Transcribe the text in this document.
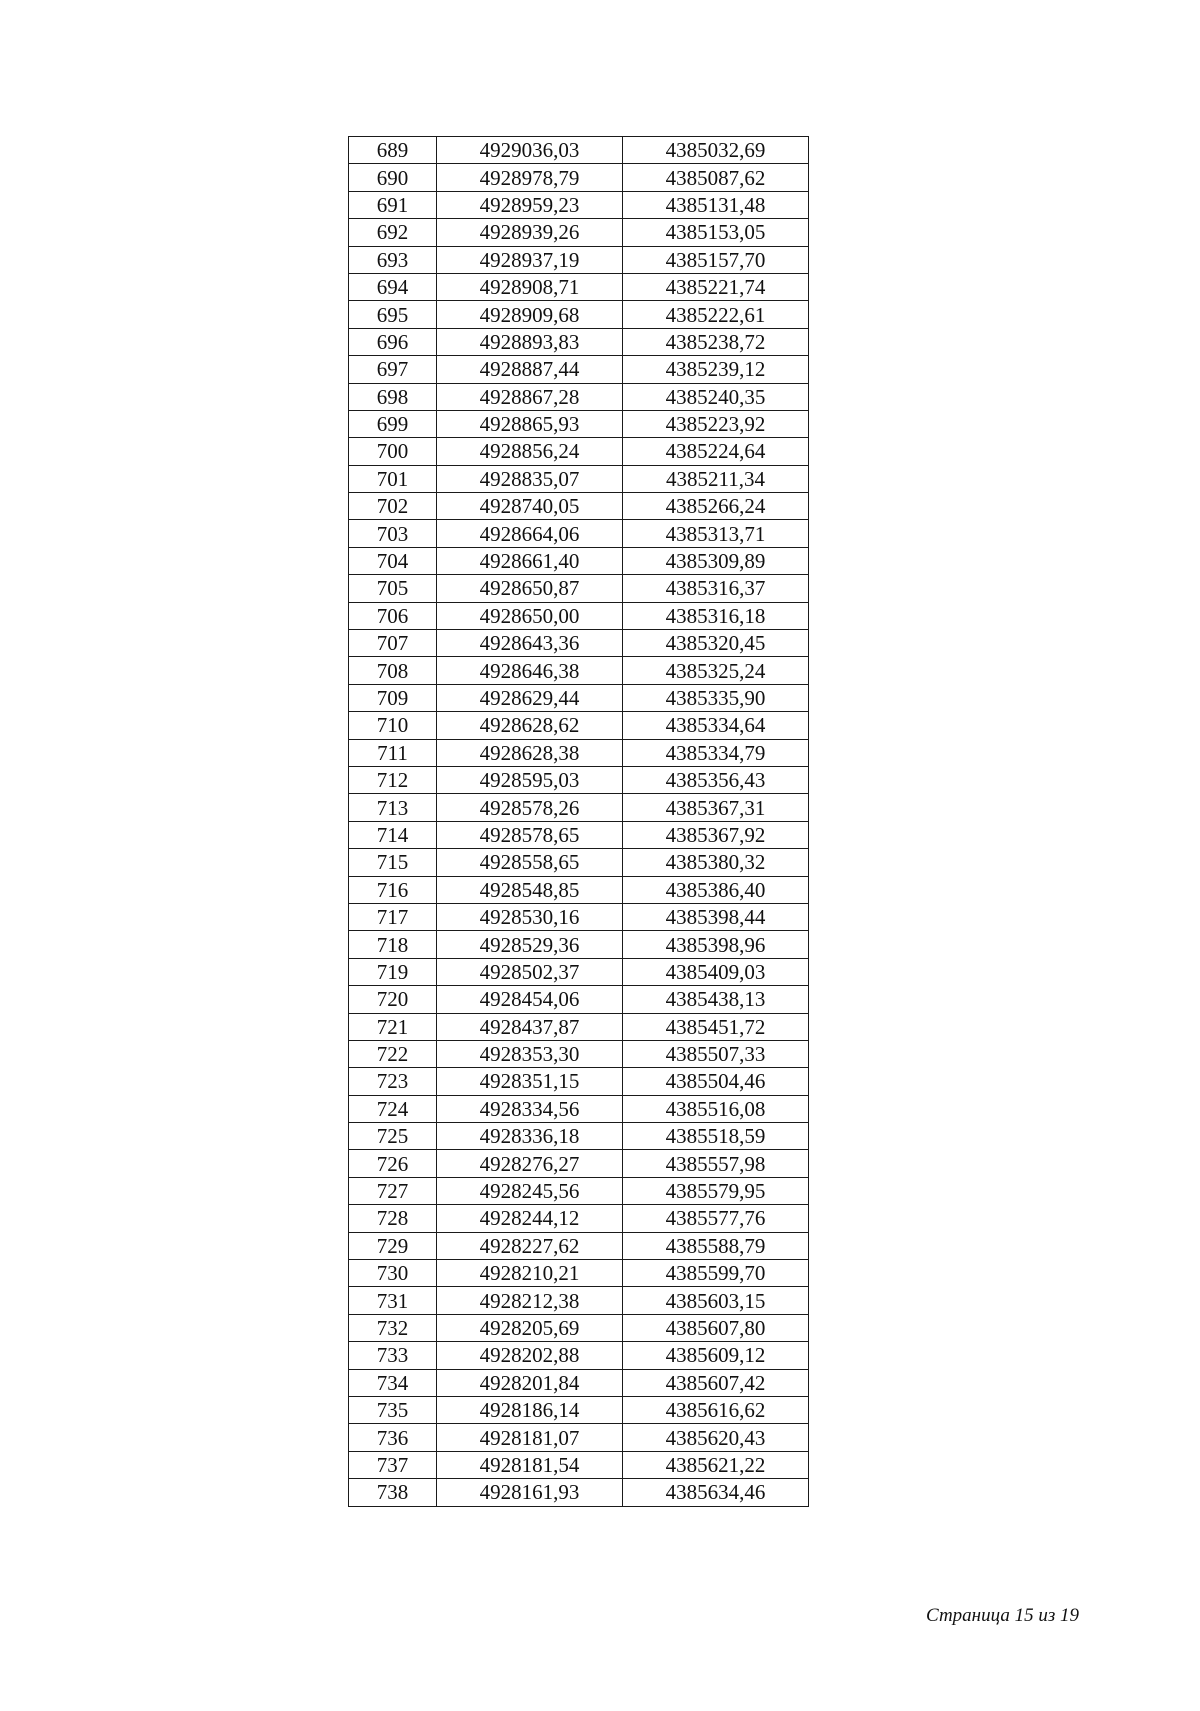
689	4929036,03	4385032,69
690	4928978,79	4385087,62
691	4928959,23	4385131,48
692	4928939,26	4385153,05
693	4928937,19	4385157,70
694	4928908,71	4385221,74
695	4928909,68	4385222,61
696	4928893,83	4385238,72
697	4928887,44	4385239,12
698	4928867,28	4385240,35
699	4928865,93	4385223,92
700	4928856,24	4385224,64
701	4928835,07	4385211,34
702	4928740,05	4385266,24
703	4928664,06	4385313,71
704	4928661,40	4385309,89
705	4928650,87	4385316,37
706	4928650,00	4385316,18
707	4928643,36	4385320,45
708	4928646,38	4385325,24
709	4928629,44	4385335,90
710	4928628,62	4385334,64
711	4928628,38	4385334,79
712	4928595,03	4385356,43
713	4928578,26	4385367,31
714	4928578,65	4385367,92
715	4928558,65	4385380,32
716	4928548,85	4385386,40
717	4928530,16	4385398,44
718	4928529,36	4385398,96
719	4928502,37	4385409,03
720	4928454,06	4385438,13
721	4928437,87	4385451,72
722	4928353,30	4385507,33
723	4928351,15	4385504,46
724	4928334,56	4385516,08
725	4928336,18	4385518,59
726	4928276,27	4385557,98
727	4928245,56	4385579,95
728	4928244,12	4385577,76
729	4928227,62	4385588,79
730	4928210,21	4385599,70
731	4928212,38	4385603,15
732	4928205,69	4385607,80
733	4928202,88	4385609,12
734	4928201,84	4385607,42
735	4928186,14	4385616,62
736	4928181,07	4385620,43
737	4928181,54	4385621,22
738	4928161,93	4385634,46
Страница 15 из 19
